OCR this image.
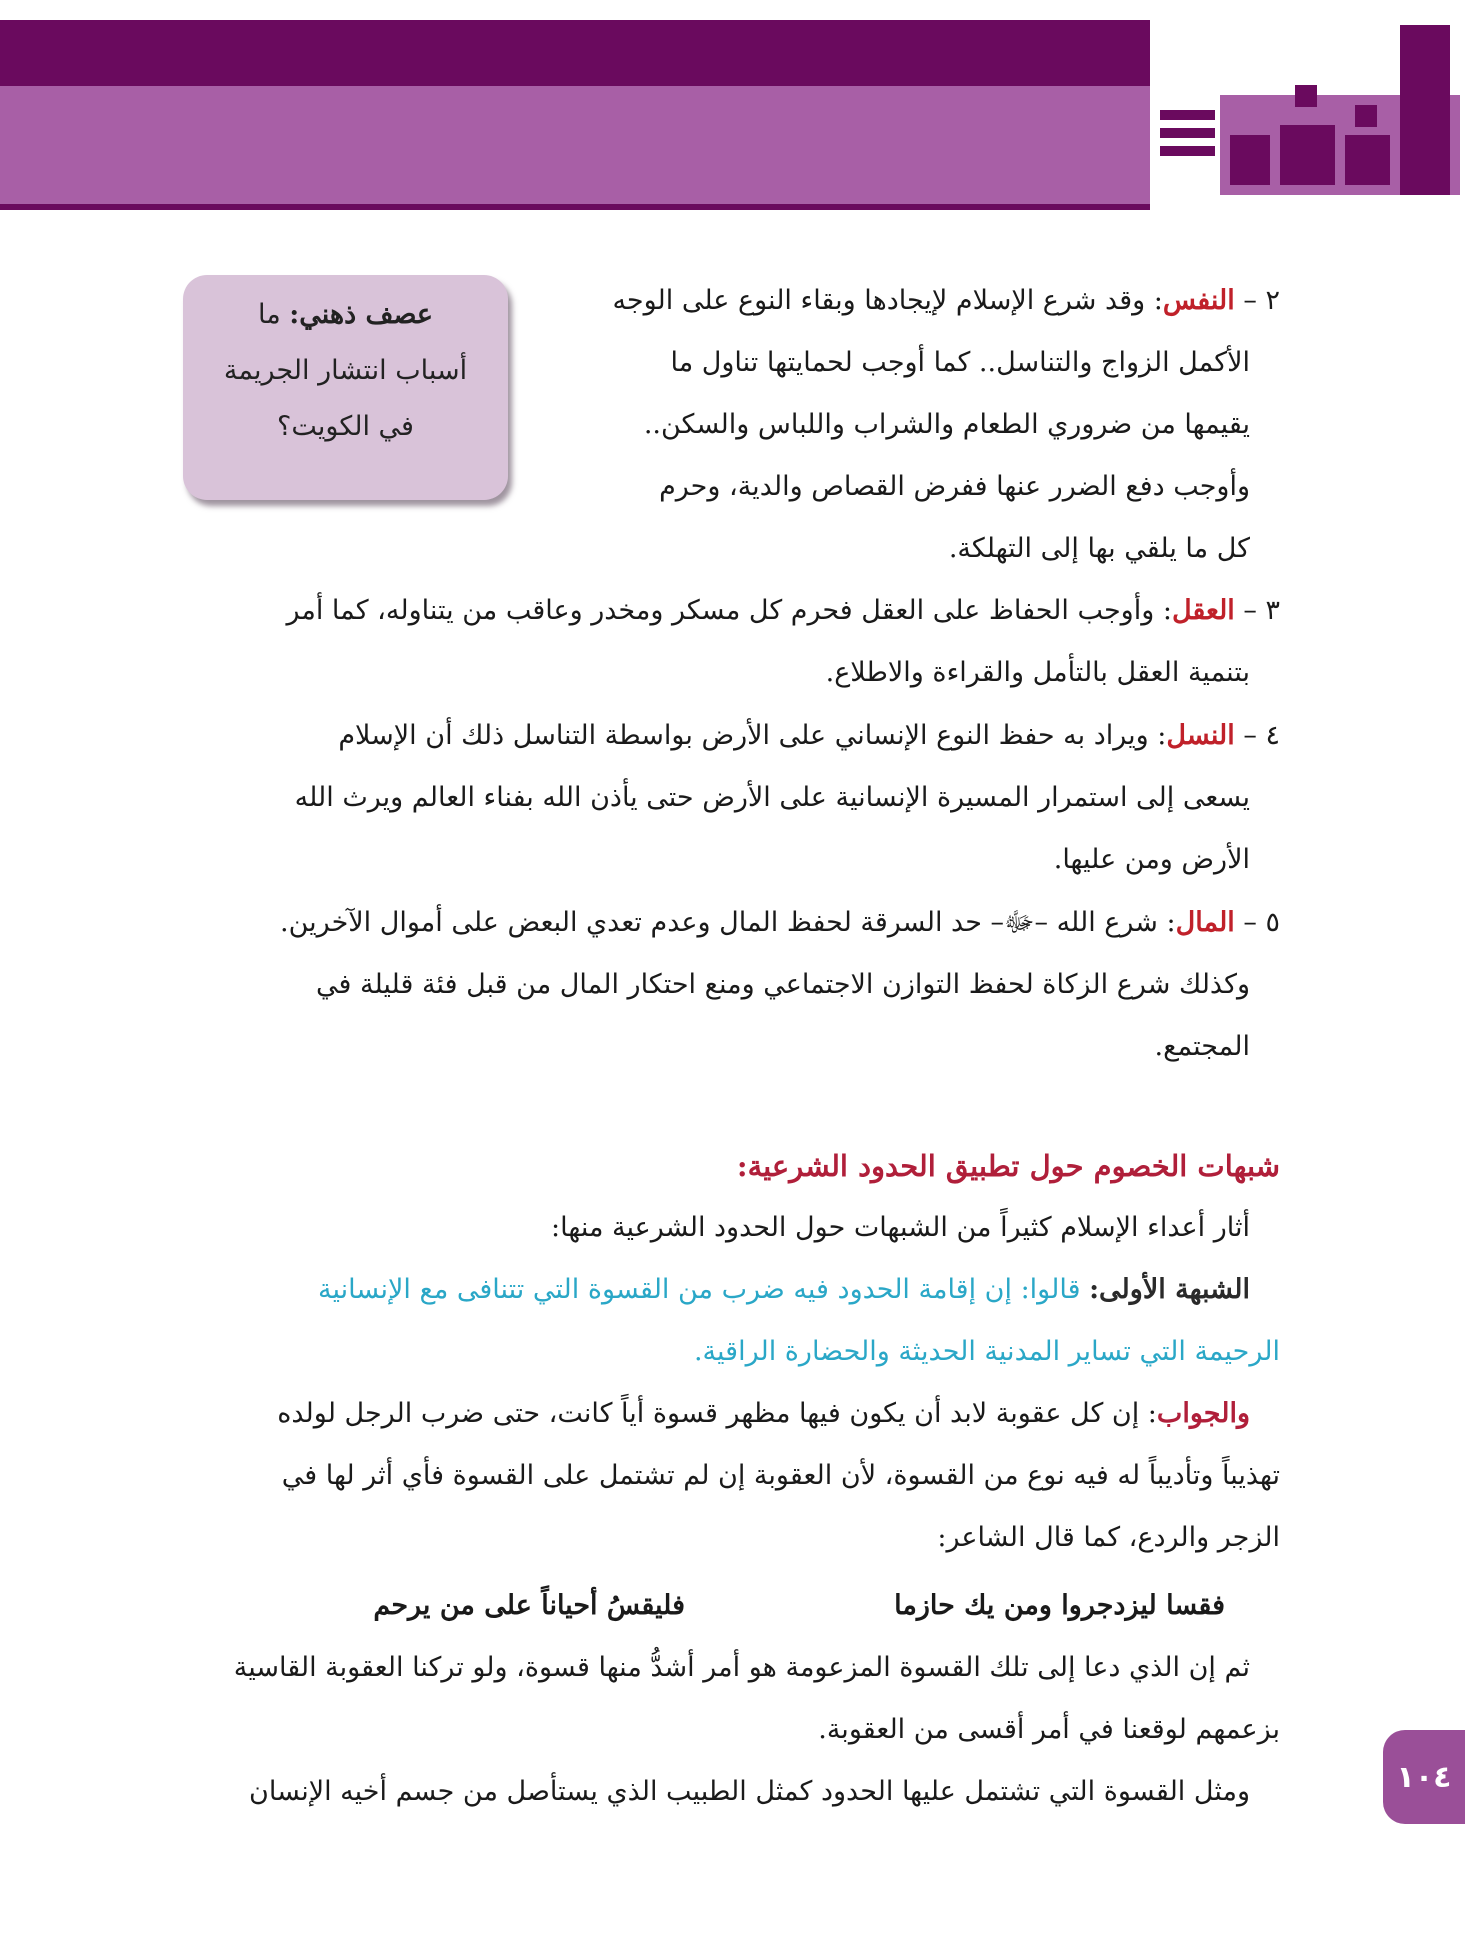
الفقه
عصف ذهني: ما
أسباب انتشار الجريمة
في الكويت؟
٢ – النفس: وقد شرع الإسلام لإيجادها وبقاء النوع على الوجه
الأكمل الزواج والتناسل.. كما أوجب لحمايتها تناول ما
يقيمها من ضروري الطعام والشراب واللباس والسكن..
وأوجب دفع الضرر عنها ففرض القصاص والدية، وحرم
كل ما يلقي بها إلى التهلكة.
٣ – العقل: وأوجب الحفاظ على العقل فحرم كل مسكر ومخدر وعاقب من يتناوله، كما أمر
بتنمية العقل بالتأمل والقراءة والاطلاع.
٤ – النسل: ويراد به حفظ النوع الإنساني على الأرض بواسطة التناسل ذلك أن الإسلام
يسعى إلى استمرار المسيرة الإنسانية على الأرض حتى يأذن الله بفناء العالم ويرث الله
الأرض ومن عليها.
٥ – المال: شرع الله –ﷻ– حد السرقة لحفظ المال وعدم تعدي البعض على أموال الآخرين.
وكذلك شرع الزكاة لحفظ التوازن الاجتماعي ومنع احتكار المال من قبل فئة قليلة في
المجتمع.
شبهات الخصوم حول تطبيق الحدود الشرعية:
أثار أعداء الإسلام كثيراً من الشبهات حول الحدود الشرعية منها:
الشبهة الأولى: قالوا: إن إقامة الحدود فيه ضرب من القسوة التي تتنافى مع الإنسانية
الرحيمة التي تساير المدنية الحديثة والحضارة الراقية.
والجواب: إن كل عقوبة لابد أن يكون فيها مظهر قسوة أياً كانت، حتى ضرب الرجل لولده
تهذيباً وتأديباً له فيه نوع من القسوة، لأن العقوبة إن لم تشتمل على القسوة فأي أثر لها في
الزجر والردع، كما قال الشاعر:
فقسا ليزدجروا ومن يك حازما
فليقسُ أحياناً على من يرحم
ثم إن الذي دعا إلى تلك القسوة المزعومة هو أمر أشدُّ منها قسوة، ولو تركنا العقوبة القاسية
بزعمهم لوقعنا في أمر أقسى من العقوبة.
ومثل القسوة التي تشتمل عليها الحدود كمثل الطبيب الذي يستأصل من جسم أخيه الإنسان	١٠٤
